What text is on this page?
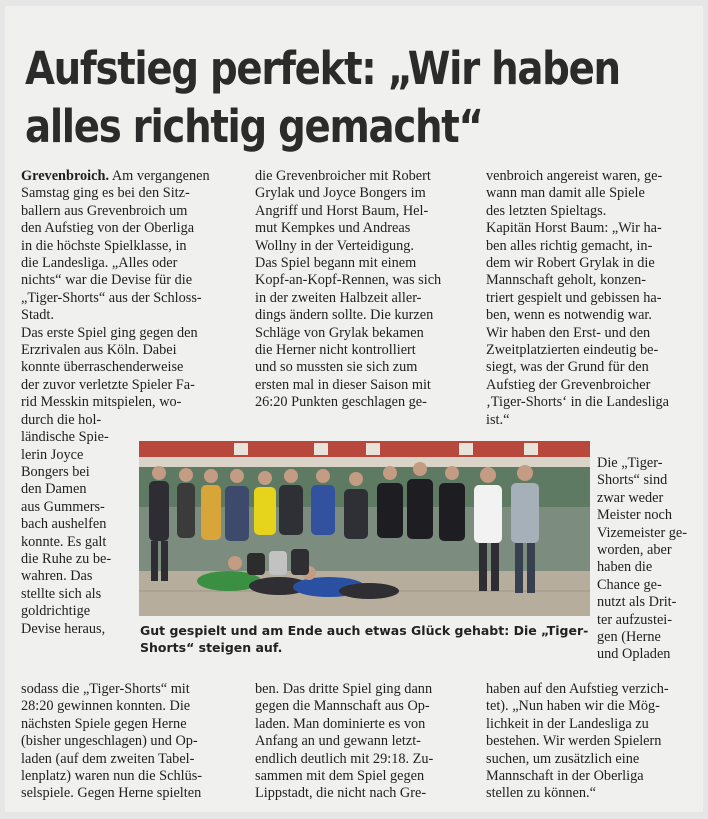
Aufstieg perfekt: „Wir haben
alles richtig gemacht“
Grevenbroich. Am vergangenen
Samstag ging es bei den Sitz-
ballern aus Grevenbroich um
den Aufstieg von der Oberliga
in die höchste Spielklasse, in
die Landesliga. „Alles oder
nichts“ war die Devise für die
„Tiger-Shorts“ aus der Schloss-
Stadt.
Das erste Spiel ging gegen den
Erzrivalen aus Köln. Dabei
konnte überraschenderweise
der zuvor verletzte Spieler Fa-
rid Messkin mitspielen, wo-
durch die hol-
ländische Spie-
lerin Joyce
Bongers bei
den Damen
aus Gummers-
bach aushelfen
konnte. Es galt
die Ruhe zu be-
wahren. Das
stellte sich als
goldrichtige
Devise heraus,
sodass die „Tiger-Shorts“ mit
28:20 gewinnen konnten. Die
nächsten Spiele gegen Herne
(bisher ungeschlagen) und Op-
laden (auf dem zweiten Tabel-
lenplatz) waren nun die Schlüs-
selspiele. Gegen Herne spielten
die Grevenbroicher mit Robert
Grylak und Joyce Bongers im
Angriff und Horst Baum, Hel-
mut Kempkes und Andreas
Wollny in der Verteidigung.
Das Spiel begann mit einem
Kopf-an-Kopf-Rennen, was sich
in der zweiten Halbzeit aller-
dings ändern sollte. Die kurzen
Schläge von Grylak bekamen
die Herner nicht kontrolliert
und so mussten sie sich zum
ersten mal in dieser Saison mit
26:20 Punkten geschlagen ge-
ben. Das dritte Spiel ging dann
gegen die Mannschaft aus Op-
laden. Man dominierte es von
Anfang an und gewann letzt-
endlich deutlich mit 29:18. Zu-
sammen mit dem Spiel gegen
Lippstadt, die nicht nach Gre-
venbroich angereist waren, ge-
wann man damit alle Spiele
des letzten Spieltags.
Kapitän Horst Baum: „Wir ha-
ben alles richtig gemacht, in-
dem wir Robert Grylak in die
Mannschaft geholt, konzen-
triert gespielt und gebissen ha-
ben, wenn es notwendig war.
Wir haben den Erst- und den
Zweitplatzierten eindeutig be-
siegt, was der Grund für den
Aufstieg der Grevenbroicher
‚Tiger-Shorts‘ in die Landesliga
ist.“
Die „Tiger-
Shorts“ sind
zwar weder
Meister noch
Vizemeister ge-
worden, aber
haben die
Chance ge-
nutzt als Drit-
ter aufzustei-
gen (Herne
und Opladen
haben auf den Aufstieg verzich-
tet). „Nun haben wir die Mög-
lichkeit in der Landesliga zu
bestehen. Wir werden Spielern
suchen, um zusätzlich eine
Mannschaft in der Oberliga
stellen zu können.“
Gut gespielt und am Ende auch etwas Glück gehabt: Die „Tiger-Shorts“ steigen auf.
